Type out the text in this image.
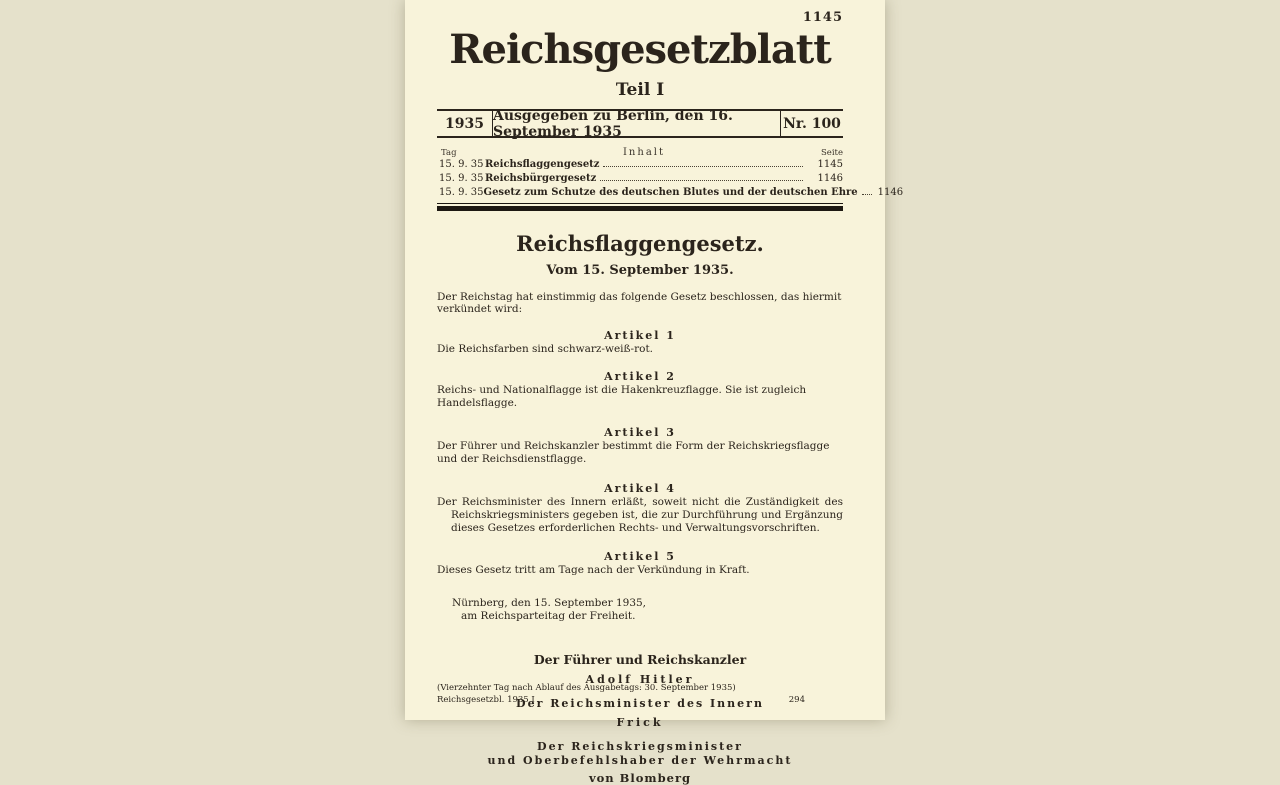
1145
Reichsgesetzblatt
Teil I
1935 Ausgegeben zu Berlin, den 16. September 1935	Nr. 100
Tag	Inhalt	Seite
15. 9. 35 Reichsflaggengesetz	1145
15. 9. 35 Reichsbürgergesetz	1146
15. 9. 35 Gesetz zum Schutze des deutschen Blutes und der deutschen Ehre 1146
Reichsflaggengesetz.
Vom 15. September 1935.
Der Reichstag hat einstimmig das folgende Gesetz beschlossen, das hiermit verkündet wird:
Artikel 1
Die Reichsfarben sind schwarz-weiß-rot.
Artikel 2
Reichs- und Nationalflagge ist die Hakenkreuzflagge. Sie ist zugleich Handelsflagge.
Artikel 3
Der Führer und Reichskanzler bestimmt die Form der Reichskriegsflagge und der Reichsdienstflagge.
Artikel 4
Der Reichsminister des Innern erläßt, soweit nicht die Zuständigkeit des Reichskriegsministers gegeben ist, die zur Durchführung und Ergänzung dieses Gesetzes erforderlichen Rechts- und Verwaltungsvorschriften.
Artikel 5
Dieses Gesetz tritt am Tage nach der Verkündung in Kraft.
Nürnberg, den 15. September 1935,
am Reichsparteitag der Freiheit.
Der Führer und Reichskanzler
Adolf Hitler
Der Reichsminister des Innern
Frick
Der Reichskriegsminister
und Oberbefehlshaber der Wehrmacht
von Blomberg
(Vierzehnter Tag nach Ablauf des Ausgabetags: 30. September 1935)
Reichsgesetzbl. 1935 I	294
